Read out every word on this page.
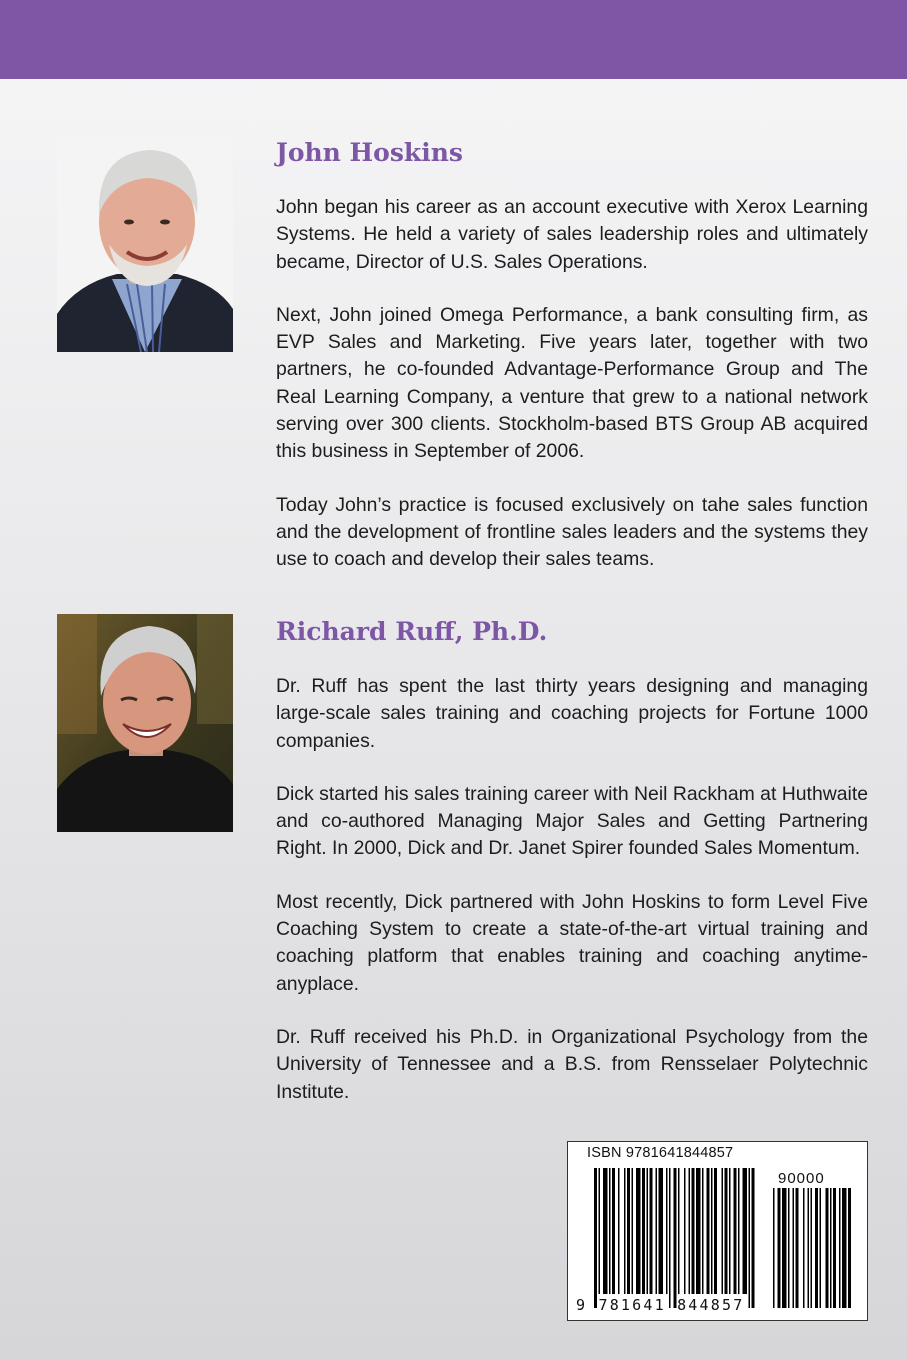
John Hoskins

John began his career as an account executive with Xerox Learning Systems. He held a variety of sales leadership roles and ultimately became, Director of U.S. Sales Operations.

Next, John joined Omega Performance, a bank consulting firm, as EVP Sales and Marketing. Five years later, together with two partners, he co-founded Advantage-Performance Group and The Real Learning Company, a venture that grew to a national network serving over 300 clients. Stockholm-based BTS Group AB acquired this business in September of 2006.

Today John’s practice is focused exclusively on tahe sales function and the development of frontline sales leaders and the systems they use to coach and develop their sales teams.

Richard Ruff, Ph.D.

Dr. Ruff has spent the last thirty years designing and managing large-scale sales training and coaching projects for Fortune 1000 companies.

Dick started his sales training career with Neil Rackham at Huthwaite and co-authored Managing Major Sales and Getting Partnering Right. In 2000, Dick and Dr. Janet Spirer founded Sales Momentum.

Most recently, Dick partnered with John Hoskins to form Level Five Coaching System to create a state-of-the-art virtual training and coaching platform that enables training and coaching anytime-anyplace.

Dr. Ruff received his Ph.D. in Organizational Psychology from the University of Tennessee and a B.S. from Rensselaer Polytechnic Institute.

ISBN 9781641844857
90000
9 781641 844857
